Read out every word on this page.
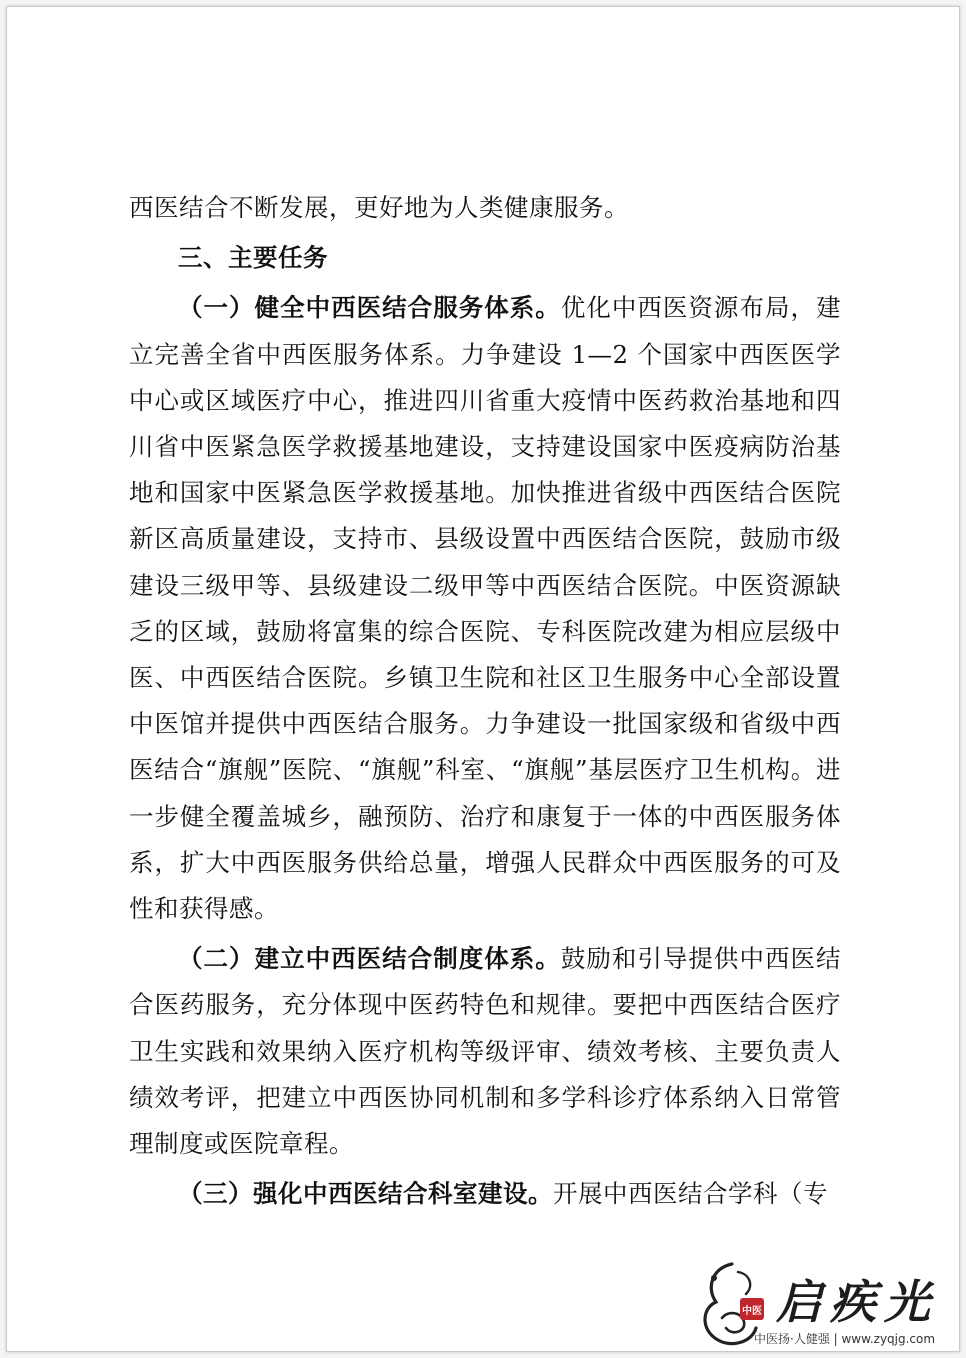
西医结合不断发展，更好地为人类健康服务。

三、主要任务

（一）健全中西医结合服务体系。优化中西医资源布局，建立完善全省中西医服务体系。力争建设 1—2 个国家中西医医学中心或区域医疗中心，推进四川省重大疫情中医药救治基地和四川省中医紧急医学救援基地建设，支持建设国家中医疫病防治基地和国家中医紧急医学救援基地。加快推进省级中西医结合医院新区高质量建设，支持市、县级设置中西医结合医院，鼓励市级建设三级甲等、县级建设二级甲等中西医结合医院。中医资源缺乏的区域，鼓励将富集的综合医院、专科医院改建为相应层级中医、中西医结合医院。乡镇卫生院和社区卫生服务中心全部设置中医馆并提供中西医结合服务。力争建设一批国家级和省级中西医结合“旗舰”医院、“旗舰”科室、“旗舰”基层医疗卫生机构。进一步健全覆盖城乡，融预防、治疗和康复于一体的中西医服务体系，扩大中西医服务供给总量，增强人民群众中西医服务的可及性和获得感。

（二）建立中西医结合制度体系。鼓励和引导提供中西医结合医药服务，充分体现中医药特色和规律。要把中西医结合医疗卫生实践和效果纳入医疗机构等级评审、绩效考核、主要负责人绩效考评，把建立中西医协同机制和多学科诊疗体系纳入日常管理制度或医院章程。

（三）强化中西医结合科室建设。开展中西医结合学科（专

中医 启疾光
中医扬·人健强 | www.zyqjg.com
